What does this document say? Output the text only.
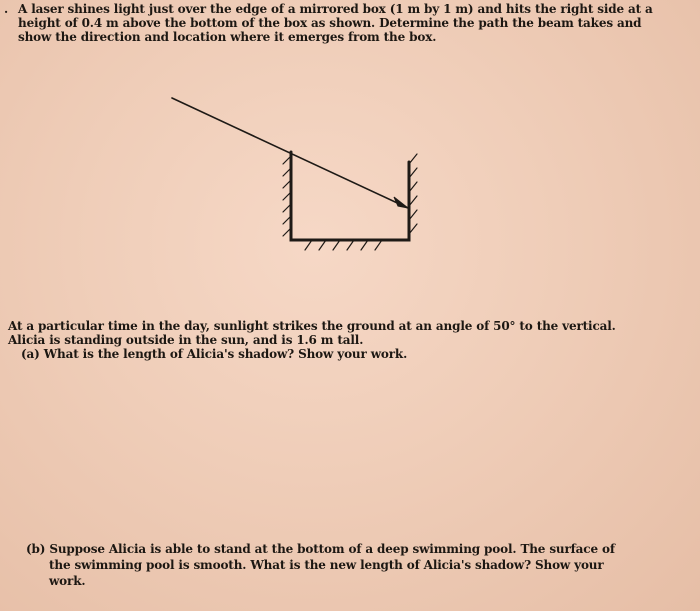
. A laser shines light just over the edge of a mirrored box (1 m by 1 m) and hits the right side at a
height of 0.4 m above the bottom of the box as shown. Determine the path the beam takes and
show the direction and location where it emerges from the box.
At a particular time in the day, sunlight strikes the ground at an angle of 50° to the vertical.
Alicia is standing outside in the sun, and is 1.6 m tall.
(a) What is the length of Alicia's shadow? Show your work.
(b) Suppose Alicia is able to stand at the bottom of a deep swimming pool. The surface of
the swimming pool is smooth. What is the new length of Alicia's shadow? Show your
work.
